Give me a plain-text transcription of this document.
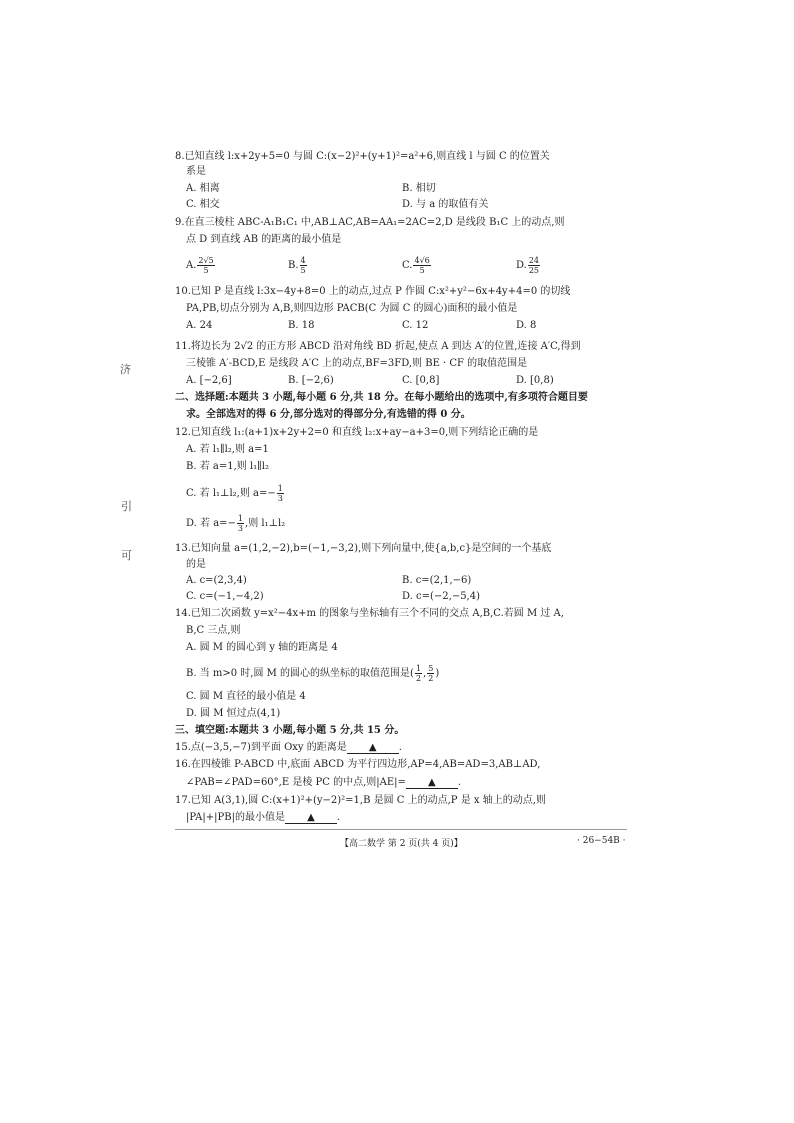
济
引
可
8.已知直线 l:x+2y+5=0 与圆 C:(x−2)²+(y+1)²=a²+6,则直线 l 与圆 C 的位置关
系是
A. 相离	B. 相切
C. 相交	D. 与 a 的取值有关
9.在直三棱柱 ABC-A₁B₁C₁ 中,AB⊥AC,AB=AA₁=2AC=2,D 是线段 B₁C 上的动点,则
点 D 到直线 AB 的距离的最小值是
A. $\frac{2√5}{5}$	B. $\frac{4}{5}$	C. $\frac{4√6}{5}$	D. $\frac{24}{25}$
10.已知 P 是直线 l:3x−4y+8=0 上的动点,过点 P 作圆 C:x²+y²−6x+4y+4=0 的切线
PA,PB,切点分别为 A,B,则四边形 PACB(C 为圆 C 的圆心)面积的最小值是
A. 24	B. 18	C. 12	D. 8
11.将边长为 2√2 的正方形 ABCD 沿对角线 BD 折起,使点 A 到达 A′的位置,连接 A′C,得到
三棱锥 A′-BCD,E 是线段 A′C 上的动点,BF=3FD,则 BE · CF 的取值范围是
A. [−2,6]	B. [−2,6)	C. [0,8]	D. [0,8)
二、选择题:本题共 3 小题,每小题 6 分,共 18 分。在每小题给出的选项中,有多项符合题目要
求。全部选对的得 6 分,部分选对的得部分分,有选错的得 0 分。
12.已知直线 l₁:(a+1)x+2y+2=0 和直线 l₂:x+ay−a+3=0,则下列结论正确的是
A. 若 l₁∥l₂,则 a=1
B. 若 a=1,则 l₁∥l₂
C. 若 l₁⊥l₂,则 $a=- \frac{1}{3}$
D. 若 $a=- \frac{1}{3}$ ,则 l₁⊥l₂
13.已知向量 a=(1,2,−2),b=(−1,−3,2),则下列向量中,使{a,b,c}是空间的一个基底
的是
A. c=(2,3,4)	B. c=(2,1,−6)
C. c=(−1,−4,2)	D. c=(−2,−5,4)
14.已知二次函数 y=x²−4x+m 的图象与坐标轴有三个不同的交点 A,B,C.若圆 M 过 A,
B,C 三点,则
A. 圆 M 的圆心到 y 轴的距离是 4
B. 当 m>0 时,圆 M 的圆心的纵坐标的取值范围是( $\frac{1}{2}$ , $\frac{5}{2}$ )
C. 圆 M 直径的最小值是 4
D. 圆 M 恒过点(4,1)
三、填空题:本题共 3 小题,每小题 5 分,共 15 分。
15.点(−3,5,−7)到平面 Oxy 的距离是 ▲ .
16.在四棱锥 P-ABCD 中,底面 ABCD 为平行四边形,AP=4,AB=AD=3,AB⊥AD,
∠PAB=∠PAD=60°,E 是棱 PC 的中点,则|AE|= ▲ .
17.已知 A(3,1),圆 C:(x+1)²+(y−2)²=1,B 是圆 C 上的动点,P 是 x 轴上的动点,则
|PA|+|PB|的最小值是 ▲ .
【高二数学 第 2 页(共 4 页)】	· 26−54B ·
